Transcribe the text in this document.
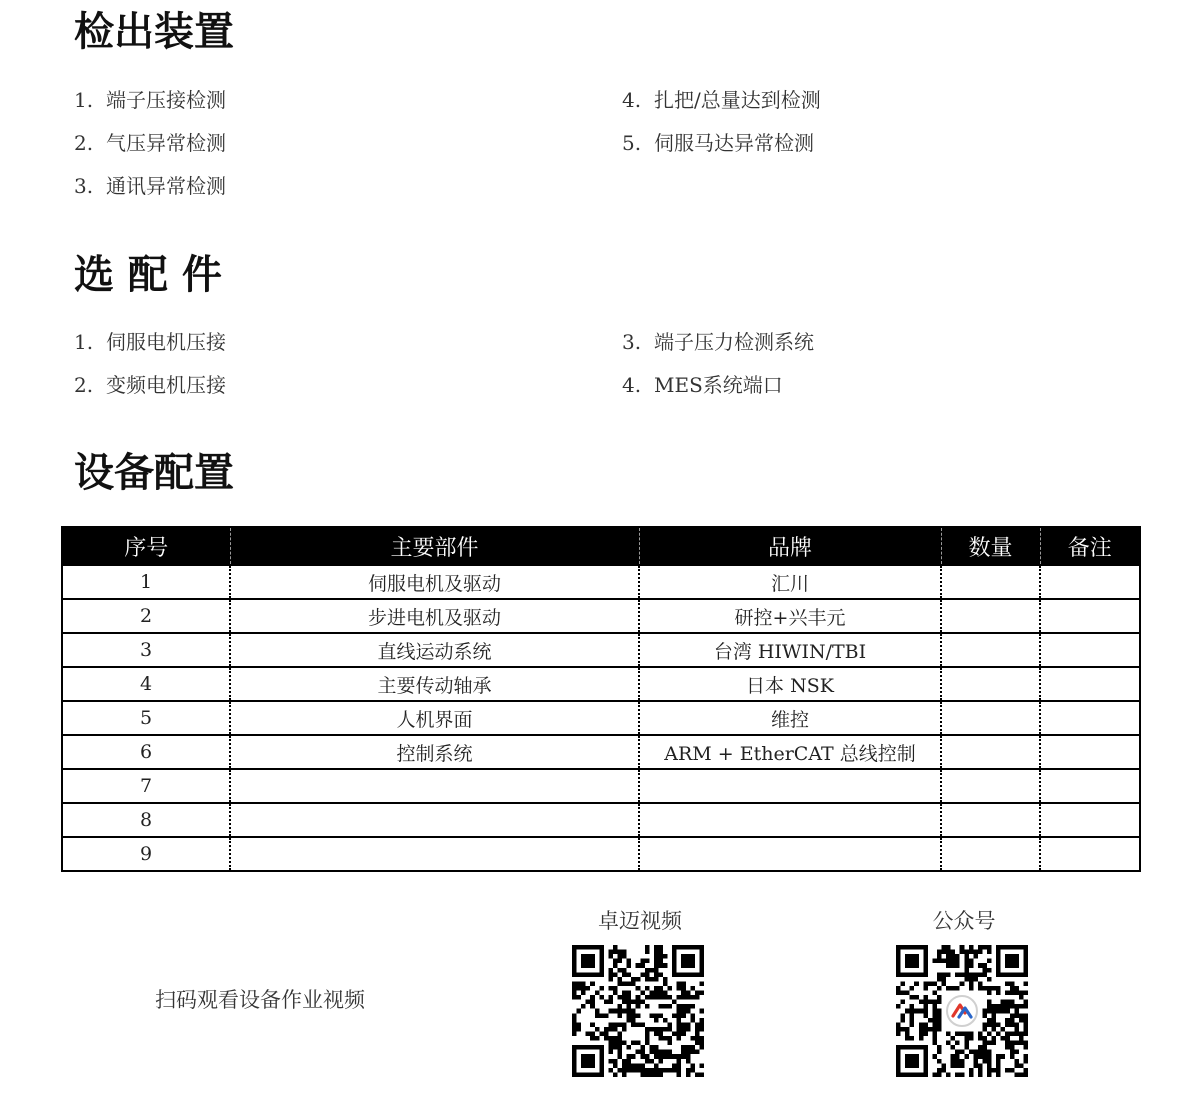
检出装置
1. 端子压接检测
2. 气压异常检测
3. 通讯异常检测
4. 扎把/总量达到检测
5. 伺服马达异常检测
选 配 件
1. 伺服电机压接
2. 变频电机压接
3. 端子压力检测系统
4. MES系统端口
设备配置
序号	主要部件	品牌	数量	备注
1	伺服电机及驱动	汇川		
2	步进电机及驱动	研控+兴丰元		
3	直线运动系统	台湾 HIWIN/TBI		
4	主要传动轴承	日本 NSK		
5	人机界面	维控		
6	控制系统	ARM + EtherCAT 总线控制		
7				
8				
9				
扫码观看设备作业视频
卓迈视频	公众号
